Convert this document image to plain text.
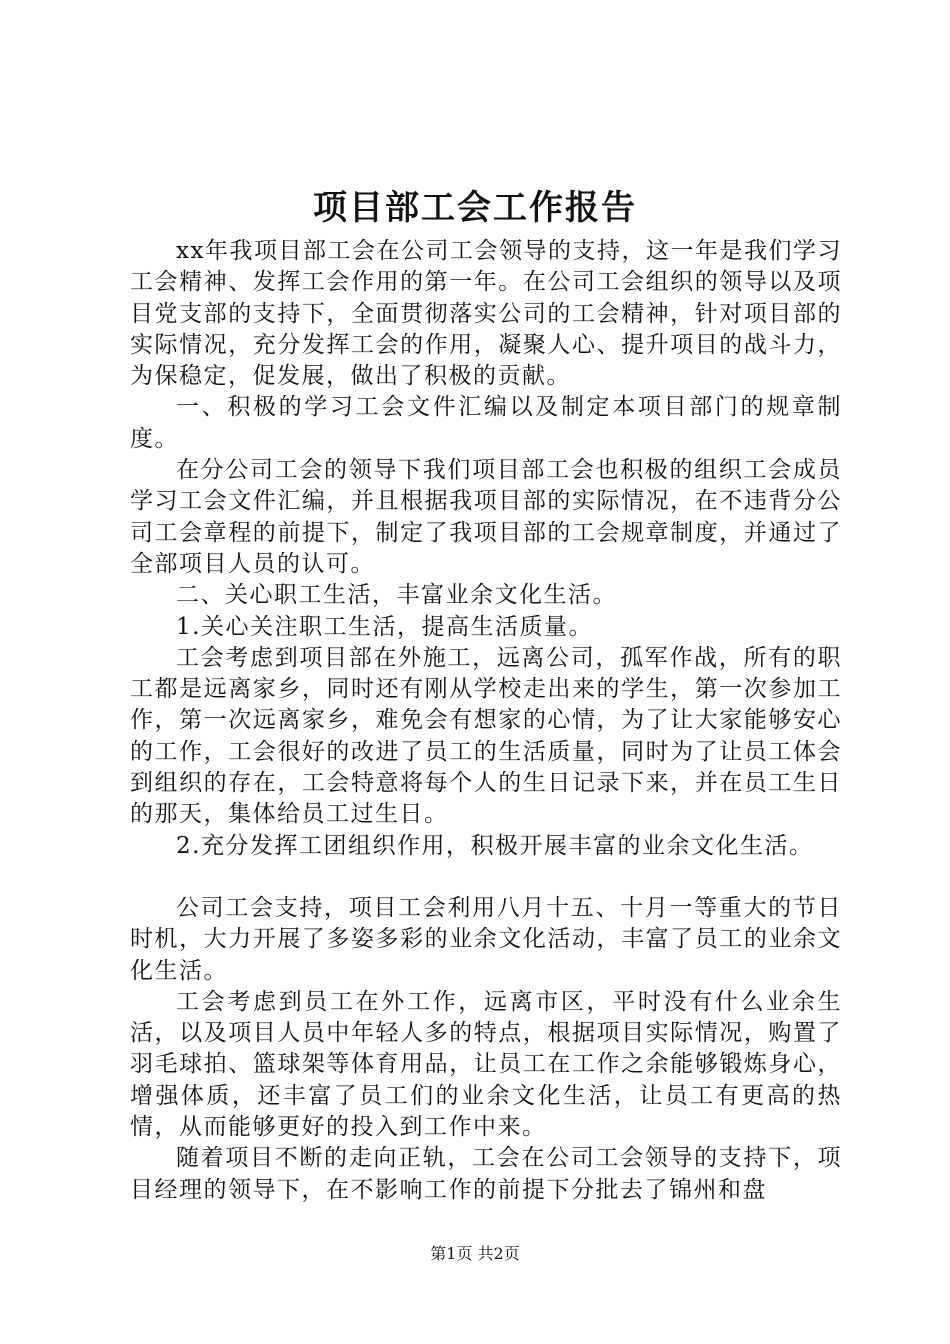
项目部工会工作报告

xx年我项目部工会在公司工会领导的支持，这一年是我们学习工会精神、发挥工会作用的第一年。在公司工会组织的领导以及项目党支部的支持下，全面贯彻落实公司的工会精神，针对项目部的实际情况，充分发挥工会的作用，凝聚人心、提升项目的战斗力，为保稳定，促发展，做出了积极的贡献。

一、积极的学习工会文件汇编以及制定本项目部门的规章制度。

在分公司工会的领导下我们项目部工会也积极的组织工会成员学习工会文件汇编，并且根据我项目部的实际情况，在不违背分公司工会章程的前提下，制定了我项目部的工会规章制度，并通过了全部项目人员的认可。

二、关心职工生活，丰富业余文化生活。

1.关心关注职工生活，提高生活质量。

工会考虑到项目部在外施工，远离公司，孤军作战，所有的职工都是远离家乡，同时还有刚从学校走出来的学生，第一次参加工作，第一次远离家乡，难免会有想家的心情，为了让大家能够安心的工作，工会很好的改进了员工的生活质量，同时为了让员工体会到组织的存在，工会特意将每个人的生日记录下来，并在员工生日的那天，集体给员工过生日。

2.充分发挥工团组织作用，积极开展丰富的业余文化生活。

公司工会支持，项目工会利用八月十五、十月一等重大的节日时机，大力开展了多姿多彩的业余文化活动，丰富了员工的业余文化生活。

工会考虑到员工在外工作，远离市区，平时没有什么业余生活，以及项目人员中年轻人多的特点，根据项目实际情况，购置了羽毛球拍、篮球架等体育用品，让员工在工作之余能够锻炼身心，增强体质，还丰富了员工们的业余文化生活，让员工有更高的热情，从而能够更好的投入到工作中来。

随着项目不断的走向正轨，工会在公司工会领导的支持下，项目经理的领导下，在不影响工作的前提下分批去了锦州和盘

第1页 共2页
